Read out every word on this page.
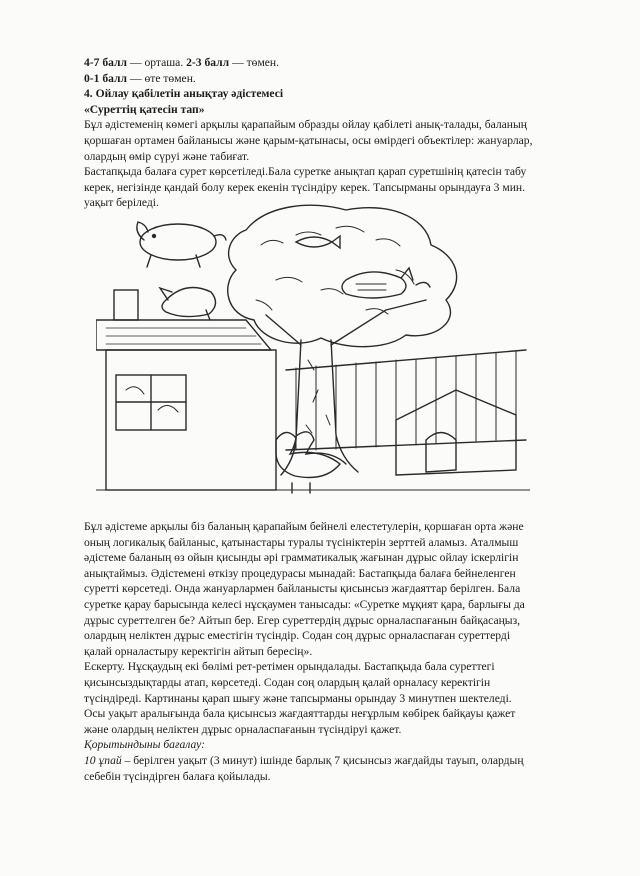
4-7 балл — орташа. 2-3 балл — төмен.
0-1 балл — өте төмен.
4. Ойлау қабілетін анықтау әдістемесі
«Суреттің қатесін тап»
Бұл әдістеменің көмегі арқылы қарапайым образды ойлау қабілеті анық-талады, баланың
қоршаған ортамен байланысы және қарым-қатынасы, осы өмірдегі объектілер: жануарлар,
олардың өмір сүруі және табиғат.
Бастапқыда балаға сурет көрсетіледі.Бала суретке анықтап қарап суретшінің қатесін табу
керек, негізінде қандай болу керек екенін түсіндіру керек. Тапсырманы орындауға 3 мин.
уақыт беріледі.
Бұл әдістеме арқылы біз баланың қарапайым бейнелі елестетулерін, қоршаған орта және
оның логикалық байланыс, қатынастары туралы түсініктерін зерттей аламыз. Аталмыш
әдістеме баланың өз ойын қисынды әрі грамматикалық жағынан дұрыс ойлау іскерлігін
анықтаймыз. Әдістемені өткізу процедурасы мынадай: Бастапқыда балаға бейнеленген
суретті көрсетеді. Онда жануарлармен байланысты қисынсыз жағдаяттар берілген. Бала
суретке қарау барысында келесі нұсқаумен танысады: «Суретке мұқият қара, барлығы да
дұрыс суреттелген бе? Айтып бер. Егер суреттердің дұрыс орналаспағанын байқасаңыз,
олардың неліктен дұрыс еместігін түсіндір. Содан соң дұрыс орналаспаған суреттерді
қалай орналастыру керектігін айтып бересің».
Ескерту. Нұсқаудың екі бөлімі рет-ретімен орындалады. Бастапқыда бала суреттегі
қисынсыздықтарды атап, көрсетеді. Содан соң олардың қалай орналасу керектігін
түсіндіреді. Картинаны қарап шығу және тапсырманы орындау 3 минутпен шектеледі.
Осы уақыт аралығында бала қисынсыз жағдаяттарды неғұрлым көбірек байқауы қажет
және олардың неліктен дұрыс орналаспағанын түсіндіруі қажет.
Қорытындыны бағалау:
10 ұпай – берілген уақыт (3 минут) ішінде барлық 7 қисынсыз жағдайды тауып, олардың
себебін түсіндірген балаға қойылады.
